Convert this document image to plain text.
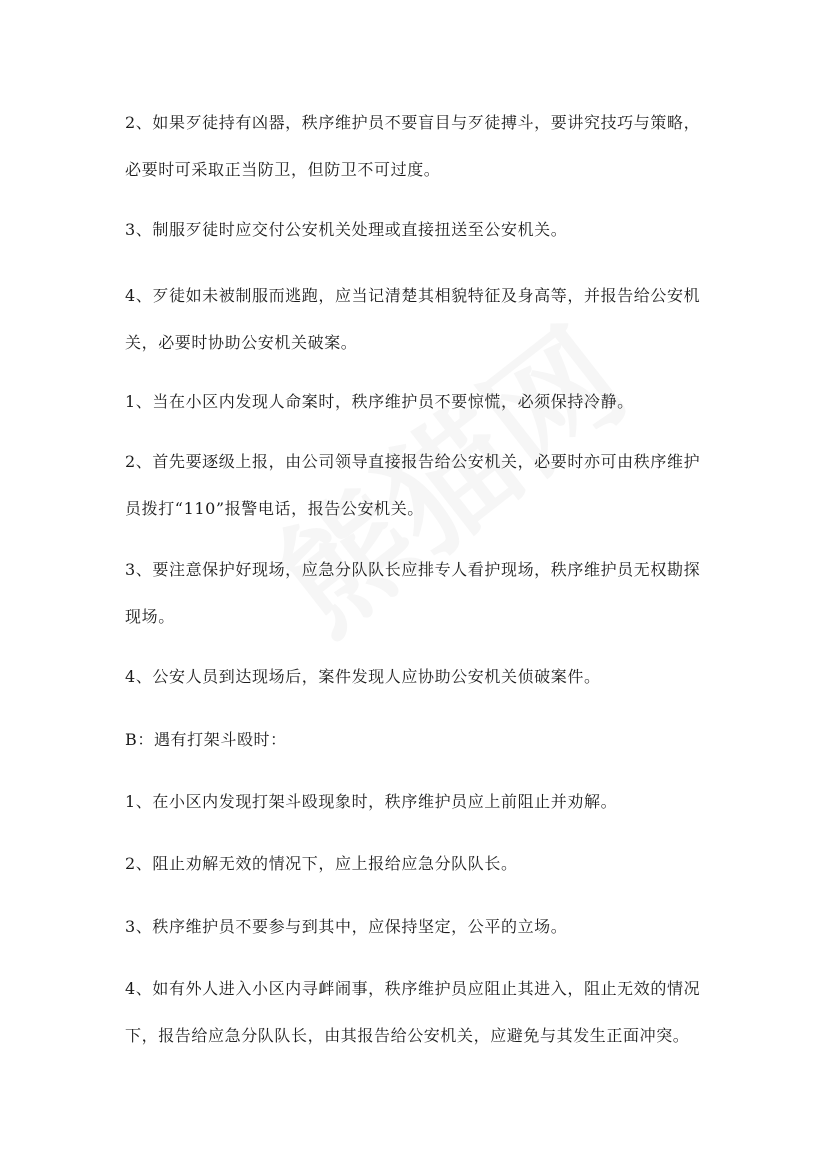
2、如果歹徒持有凶器，秩序维护员不要盲目与歹徒搏斗，要讲究技巧与策略，必要时可采取正当防卫，但防卫不可过度。

3、制服歹徒时应交付公安机关处理或直接扭送至公安机关。

4、歹徒如未被制服而逃跑，应当记清楚其相貌特征及身高等，并报告给公安机关，必要时协助公安机关破案。

1、当在小区内发现人命案时，秩序维护员不要惊慌，必须保持冷静。

2、首先要逐级上报，由公司领导直接报告给公安机关，必要时亦可由秩序维护员拨打“110”报警电话，报告公安机关。

3、要注意保护好现场，应急分队队长应排专人看护现场，秩序维护员无权勘探现场。

4、公安人员到达现场后，案件发现人应协助公安机关侦破案件。

B：遇有打架斗殴时：

1、在小区内发现打架斗殴现象时，秩序维护员应上前阻止并劝解。

2、阻止劝解无效的情况下，应上报给应急分队队长。

3、秩序维护员不要参与到其中，应保持坚定，公平的立场。

4、如有外人进入小区内寻衅闹事，秩序维护员应阻止其进入，阻止无效的情况下，报告给应急分队队长，由其报告给公安机关，应避免与其发生正面冲突。
